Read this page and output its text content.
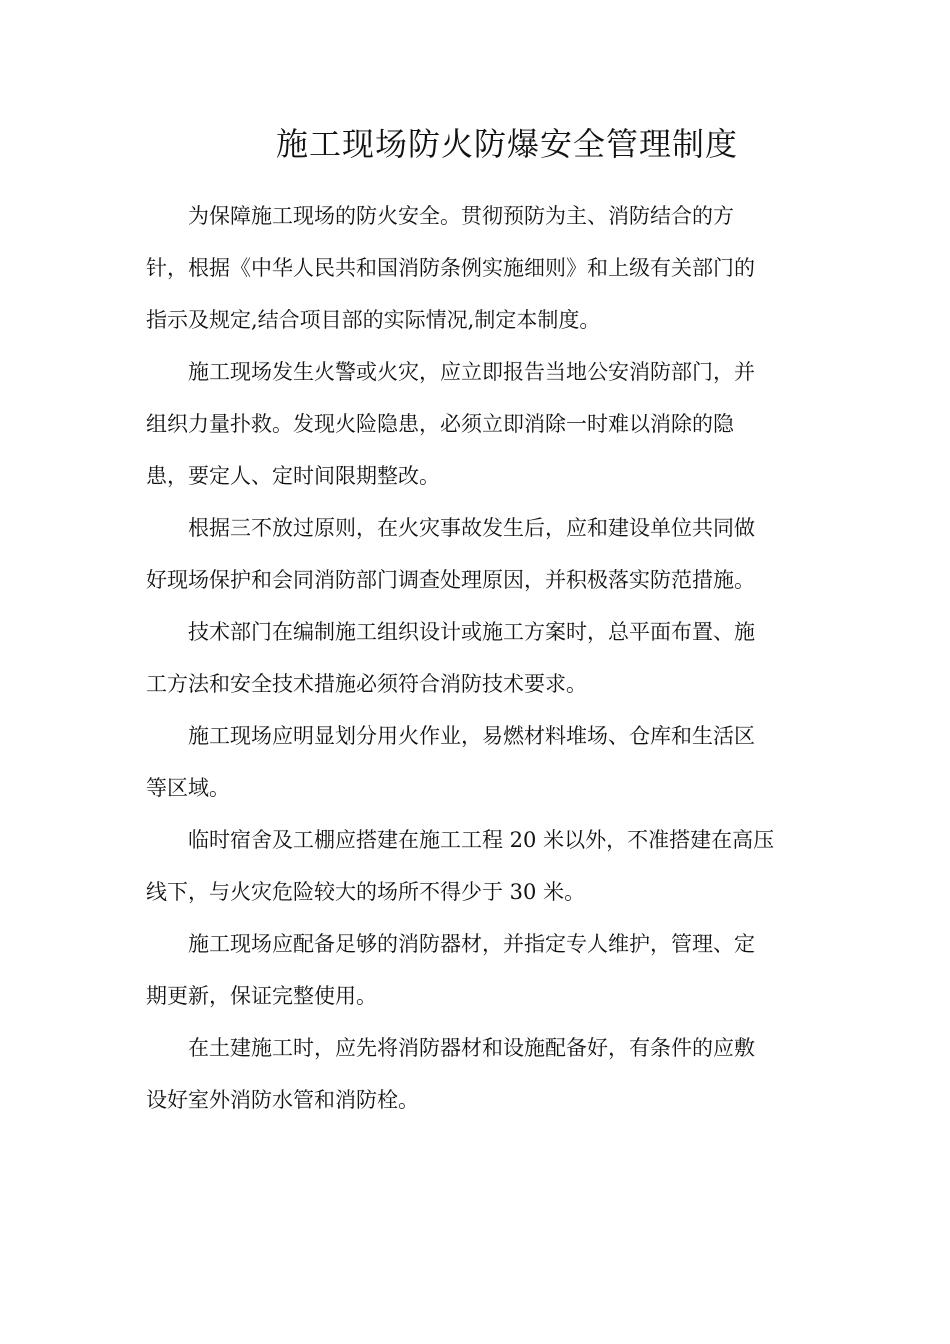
施工现场防火防爆安全管理制度

为保障施工现场的防火安全。贯彻预防为主、消防结合的方
针，根据《中华人民共和国消防条例实施细则》和上级有关部门的
指示及规定,结合项目部的实际情况,制定本制度。

施工现场发生火警或火灾，应立即报告当地公安消防部门，并
组织力量扑救。发现火险隐患，必须立即消除一时难以消除的隐
患，要定人、定时间限期整改。

根据三不放过原则，在火灾事故发生后，应和建设单位共同做
好现场保护和会同消防部门调查处理原因，并积极落实防范措施。

技术部门在编制施工组织设计或施工方案时，总平面布置、施
工方法和安全技术措施必须符合消防技术要求。

施工现场应明显划分用火作业，易燃材料堆场、仓库和生活区
等区域。

临时宿舍及工棚应搭建在施工工程 20 米以外，不准搭建在高压
线下，与火灾危险较大的场所不得少于 30 米。

施工现场应配备足够的消防器材，并指定专人维护，管理、定
期更新，保证完整使用。

在土建施工时，应先将消防器材和设施配备好，有条件的应敷
设好室外消防水管和消防栓。
